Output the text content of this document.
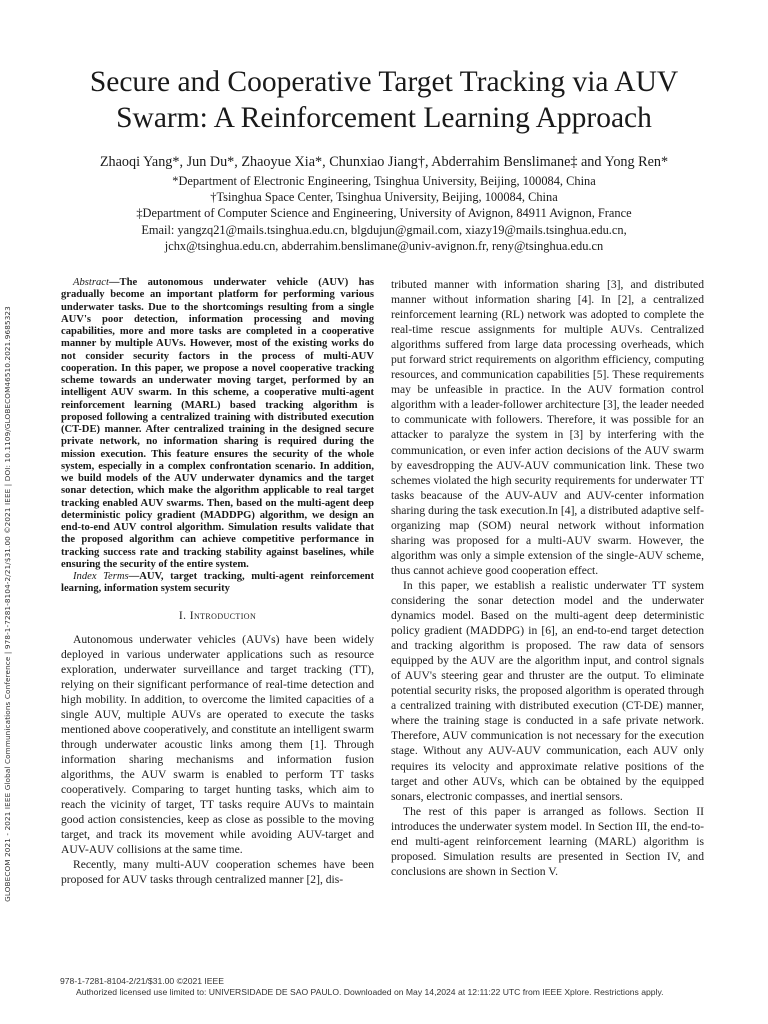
Secure and Cooperative Target Tracking via AUV
Swarm: A Reinforcement Learning Approach
Zhaoqi Yang*, Jun Du*, Zhaoyue Xia*, Chunxiao Jiang†, Abderrahim Benslimane‡ and Yong Ren*
*Department of Electronic Engineering, Tsinghua University, Beijing, 100084, China
†Tsinghua Space Center, Tsinghua University, Beijing, 100084, China
‡Department of Computer Science and Engineering, University of Avignon, 84911 Avignon, France
Email: yangzq21@mails.tsinghua.edu.cn, blgdujun@gmail.com, xiazy19@mails.tsinghua.edu.cn,
jchx@tsinghua.edu.cn, abderrahim.benslimane@univ-avignon.fr, reny@tsinghua.edu.cn
GLOBECOM 2021 - 2021 IEEE Global Communications Conference | 978-1-7281-8104-2/21/$31.00 ©2021 IEEE | DOI: 10.1109/GLOBECOM46510.2021.9685323

Abstract—The autonomous underwater vehicle (AUV) has gradually become an important platform for performing various underwater tasks. Due to the shortcomings resulting from a single AUV's poor detection, information processing and moving capabilities, more and more tasks are completed in a cooperative manner by multiple AUVs. However, most of the existing works do not consider security factors in the process of multi-AUV cooperation. In this paper, we propose a novel cooperative tracking scheme towards an underwater moving target, performed by an intelligent AUV swarm. In this scheme, a cooperative multi-agent reinforcement learning (MARL) based tracking algorithm is proposed following a centralized training with distributed execution (CT-DE) manner. After centralized training in the designed secure private network, no information sharing is required during the mission execution. This feature ensures the security of the whole system, especially in a complex confrontation scenario. In addition, we build models of the AUV underwater dynamics and the target sonar detection, which make the algorithm applicable to real target tracking enabled AUV swarms. Then, based on the multi-agent deep deterministic policy gradient (MADDPG) algorithm, we design an end-to-end AUV control algorithm. Simulation results validate that the proposed algorithm can achieve competitive performance in tracking success rate and tracking stability against baselines, while ensuring the security of the entire system.

Index Terms—AUV, target tracking, multi-agent reinforcement learning, information system security

I. Introduction

Autonomous underwater vehicles (AUVs) have been widely deployed in various underwater applications such as resource exploration, underwater surveillance and target tracking (TT), relying on their significant performance of real-time detection and high mobility. In addition, to overcome the limited capacities of a single AUV, multiple AUVs are operated to execute the tasks mentioned above cooperatively, and constitute an intelligent swarm through underwater acoustic links among them [1]. Through information sharing mechanisms and information fusion algorithms, the AUV swarm is enabled to perform TT tasks cooperatively. Comparing to target hunting tasks, which aim to reach the vicinity of target, TT tasks require AUVs to maintain good action consistencies, keep as close as possible to the moving target, and track its movement while avoiding AUV-target and AUV-AUV collisions at the same time.

Recently, many multi-AUV cooperation schemes have been proposed for AUV tasks through centralized manner [2], dis-

tributed manner with information sharing [3], and distributed manner without information sharing [4]. In [2], a centralized reinforcement learning (RL) network was adopted to complete the real-time rescue assignments for multiple AUVs. Centralized algorithms suffered from large data processing overheads, which put forward strict requirements on algorithm efficiency, computing resources, and communication capabilities [5]. These requirements may be unfeasible in practice. In the AUV formation control algorithm with a leader-follower architecture [3], the leader needed to communicate with followers. Therefore, it was possible for an attacker to paralyze the system in [3] by interfering with the communication, or even infer action decisions of the AUV swarm by eavesdropping the AUV-AUV communication link. These two schemes violated the high security requirements for underwater TT tasks beacause of the AUV-AUV and AUV-center information sharing during the task execution.In [4], a distributed adaptive self-organizing map (SOM) neural network without information sharing was proposed for a multi-AUV swarm. However, the algorithm was only a simple extension of the single-AUV scheme, thus cannot achieve good cooperation effect.

In this paper, we establish a realistic underwater TT system considering the sonar detection model and the underwater dynamics model. Based on the multi-agent deep deterministic policy gradient (MADDPG) in [6], an end-to-end target detection and tracking algorithm is proposed. The raw data of sensors equipped by the AUV are the algorithm input, and control signals of AUV's steering gear and thruster are the output. To eliminate potential security risks, the proposed algorithm is operated through a centralized training with distributed execution (CT-DE) manner, where the training stage is conducted in a safe private network. Therefore, AUV communication is not necessary for the execution stage. Without any AUV-AUV communication, each AUV only requires its velocity and approximate relative positions of the target and other AUVs, which can be obtained by the equipped sonars, electronic compasses, and inertial sensors.

The rest of this paper is arranged as follows. Section II introduces the underwater system model. In Section III, the end-to-end multi-agent reinforcement learning (MARL) algorithm is proposed. Simulation results are presented in Section IV, and conclusions are shown in Section V.

978-1-7281-8104-2/21/$31.00 ©2021 IEEE
Authorized licensed use limited to: UNIVERSIDADE DE SAO PAULO. Downloaded on May 14,2024 at 12:11:22 UTC from IEEE Xplore. Restrictions apply.
